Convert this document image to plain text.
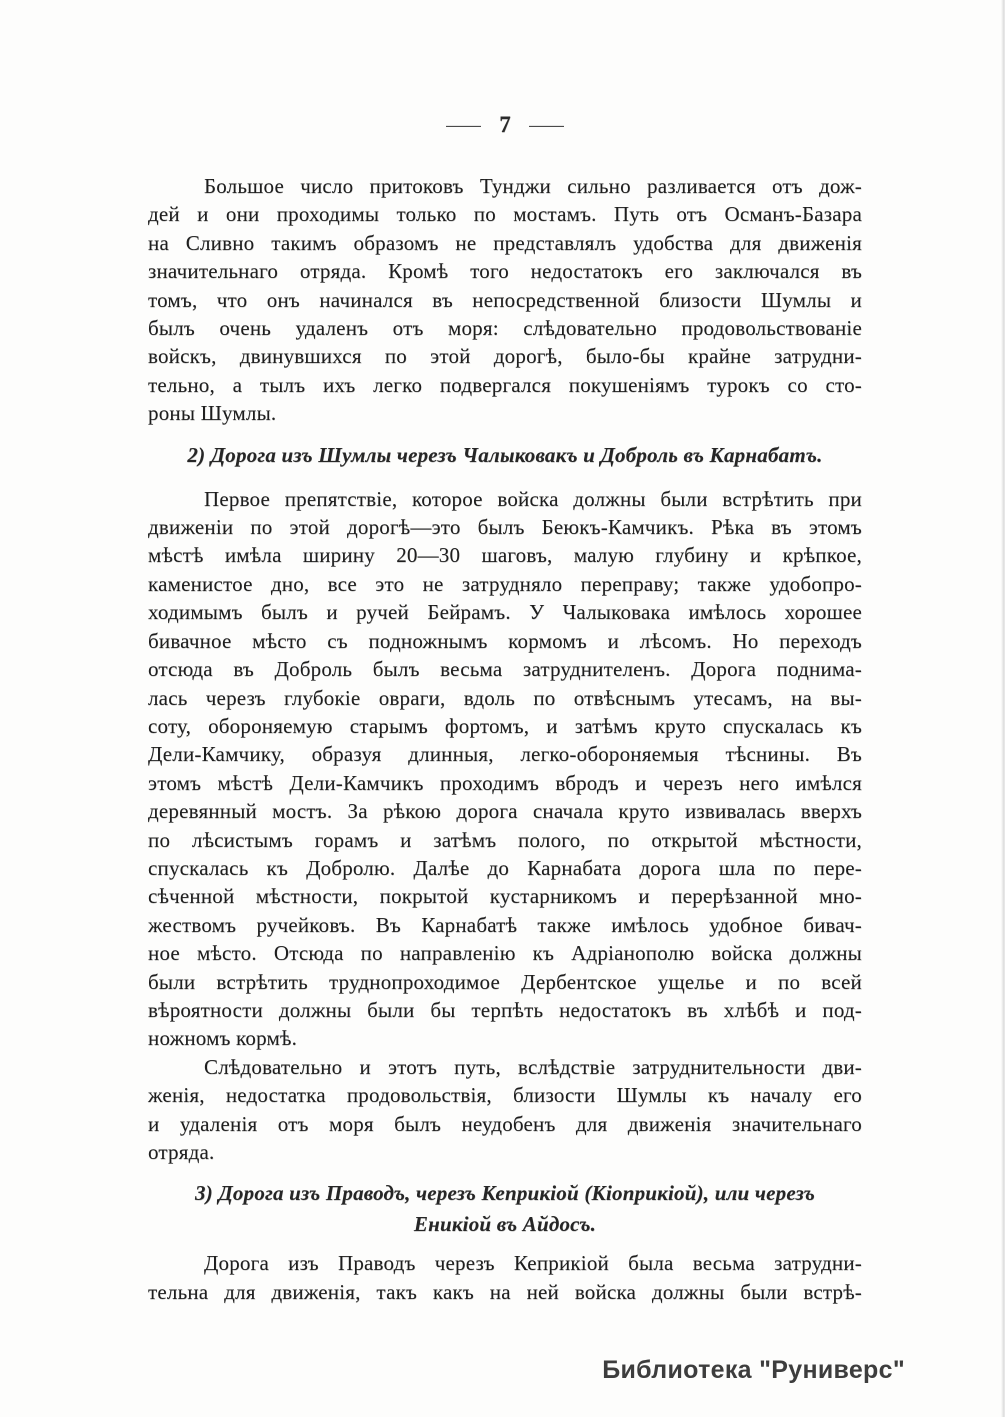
— 7 —
Большое число притоковъ Тунджи сильно разливается отъ дож-
дей и они проходимы только по мостамъ. Путь отъ Османъ-Базара
на Сливно такимъ образомъ не представлялъ удобства для движенія
значительнаго отряда. Кромѣ того недостатокъ его заключался въ
томъ, что онъ начинался въ непосредственной близости Шумлы и
былъ очень удаленъ отъ моря: слѣдовательно продовольствованіе
войскъ, двинувшихся по этой дорогѣ, было-бы крайне затрудни-
тельно, а тылъ ихъ легко подвергался покушеніямъ турокъ со сто-
роны Шумлы.
2) Дорога изъ Шумлы черезъ Чалыковакъ и Доброль въ Карнабатъ.
Первое препятствіе, которое войска должны были встрѣтить при
движеніи по этой дорогѣ—это былъ Беюкъ-Камчикъ. Рѣка въ этомъ
мѣстѣ имѣла ширину 20—30 шаговъ, малую глубину и крѣпкое,
каменистое дно, все это не затрудняло переправу; также удобопро-
ходимымъ былъ и ручей Бейрамъ. У Чалыковака имѣлось хорошее
бивачное мѣсто съ подножнымъ кормомъ и лѣсомъ. Но переходъ
отсюда въ Доброль былъ весьма затруднителенъ. Дорога поднима-
лась черезъ глубокіе овраги, вдоль по отвѣснымъ утесамъ, на вы-
соту, обороняемую старымъ фортомъ, и затѣмъ круто спускалась къ
Дели-Камчику, образуя длинныя, легко-обороняемыя тѣснины. Въ
этомъ мѣстѣ Дели-Камчикъ проходимъ вбродъ и черезъ него имѣлся
деревянный мостъ. За рѣкою дорога сначала круто извивалась вверхъ
по лѣсистымъ горамъ и затѣмъ полого, по открытой мѣстности,
спускалась къ Добролю. Далѣе до Карнабата дорога шла по пере-
сѣченной мѣстности, покрытой кустарникомъ и перерѣзанной мно-
жествомъ ручейковъ. Въ Карнабатѣ также имѣлось удобное бивач-
ное мѣсто. Отсюда по направленію къ Адріанополю войска должны
были встрѣтить труднопроходимое Дербентское ущелье и по всей
вѣроятности должны были бы терпѣть недостатокъ въ хлѣбѣ и под-
ножномъ кормѣ.
Слѣдовательно и этотъ путь, вслѣдствіе затруднительности дви-
женія, недостатка продовольствія, близости Шумлы къ началу его
и удаленія отъ моря былъ неудобенъ для движенія значительнаго
отряда.
3) Дорога изъ Праводъ, черезъ Кеприкіой (Кіоприкіой), или черезъ
Еникіой въ Айдосъ.
Дорога изъ Праводъ черезъ Кеприкіой была весьма затрудни-
тельна для движенія, такъ какъ на ней войска должны были встрѣ-
Библиотека "Руниверс"
